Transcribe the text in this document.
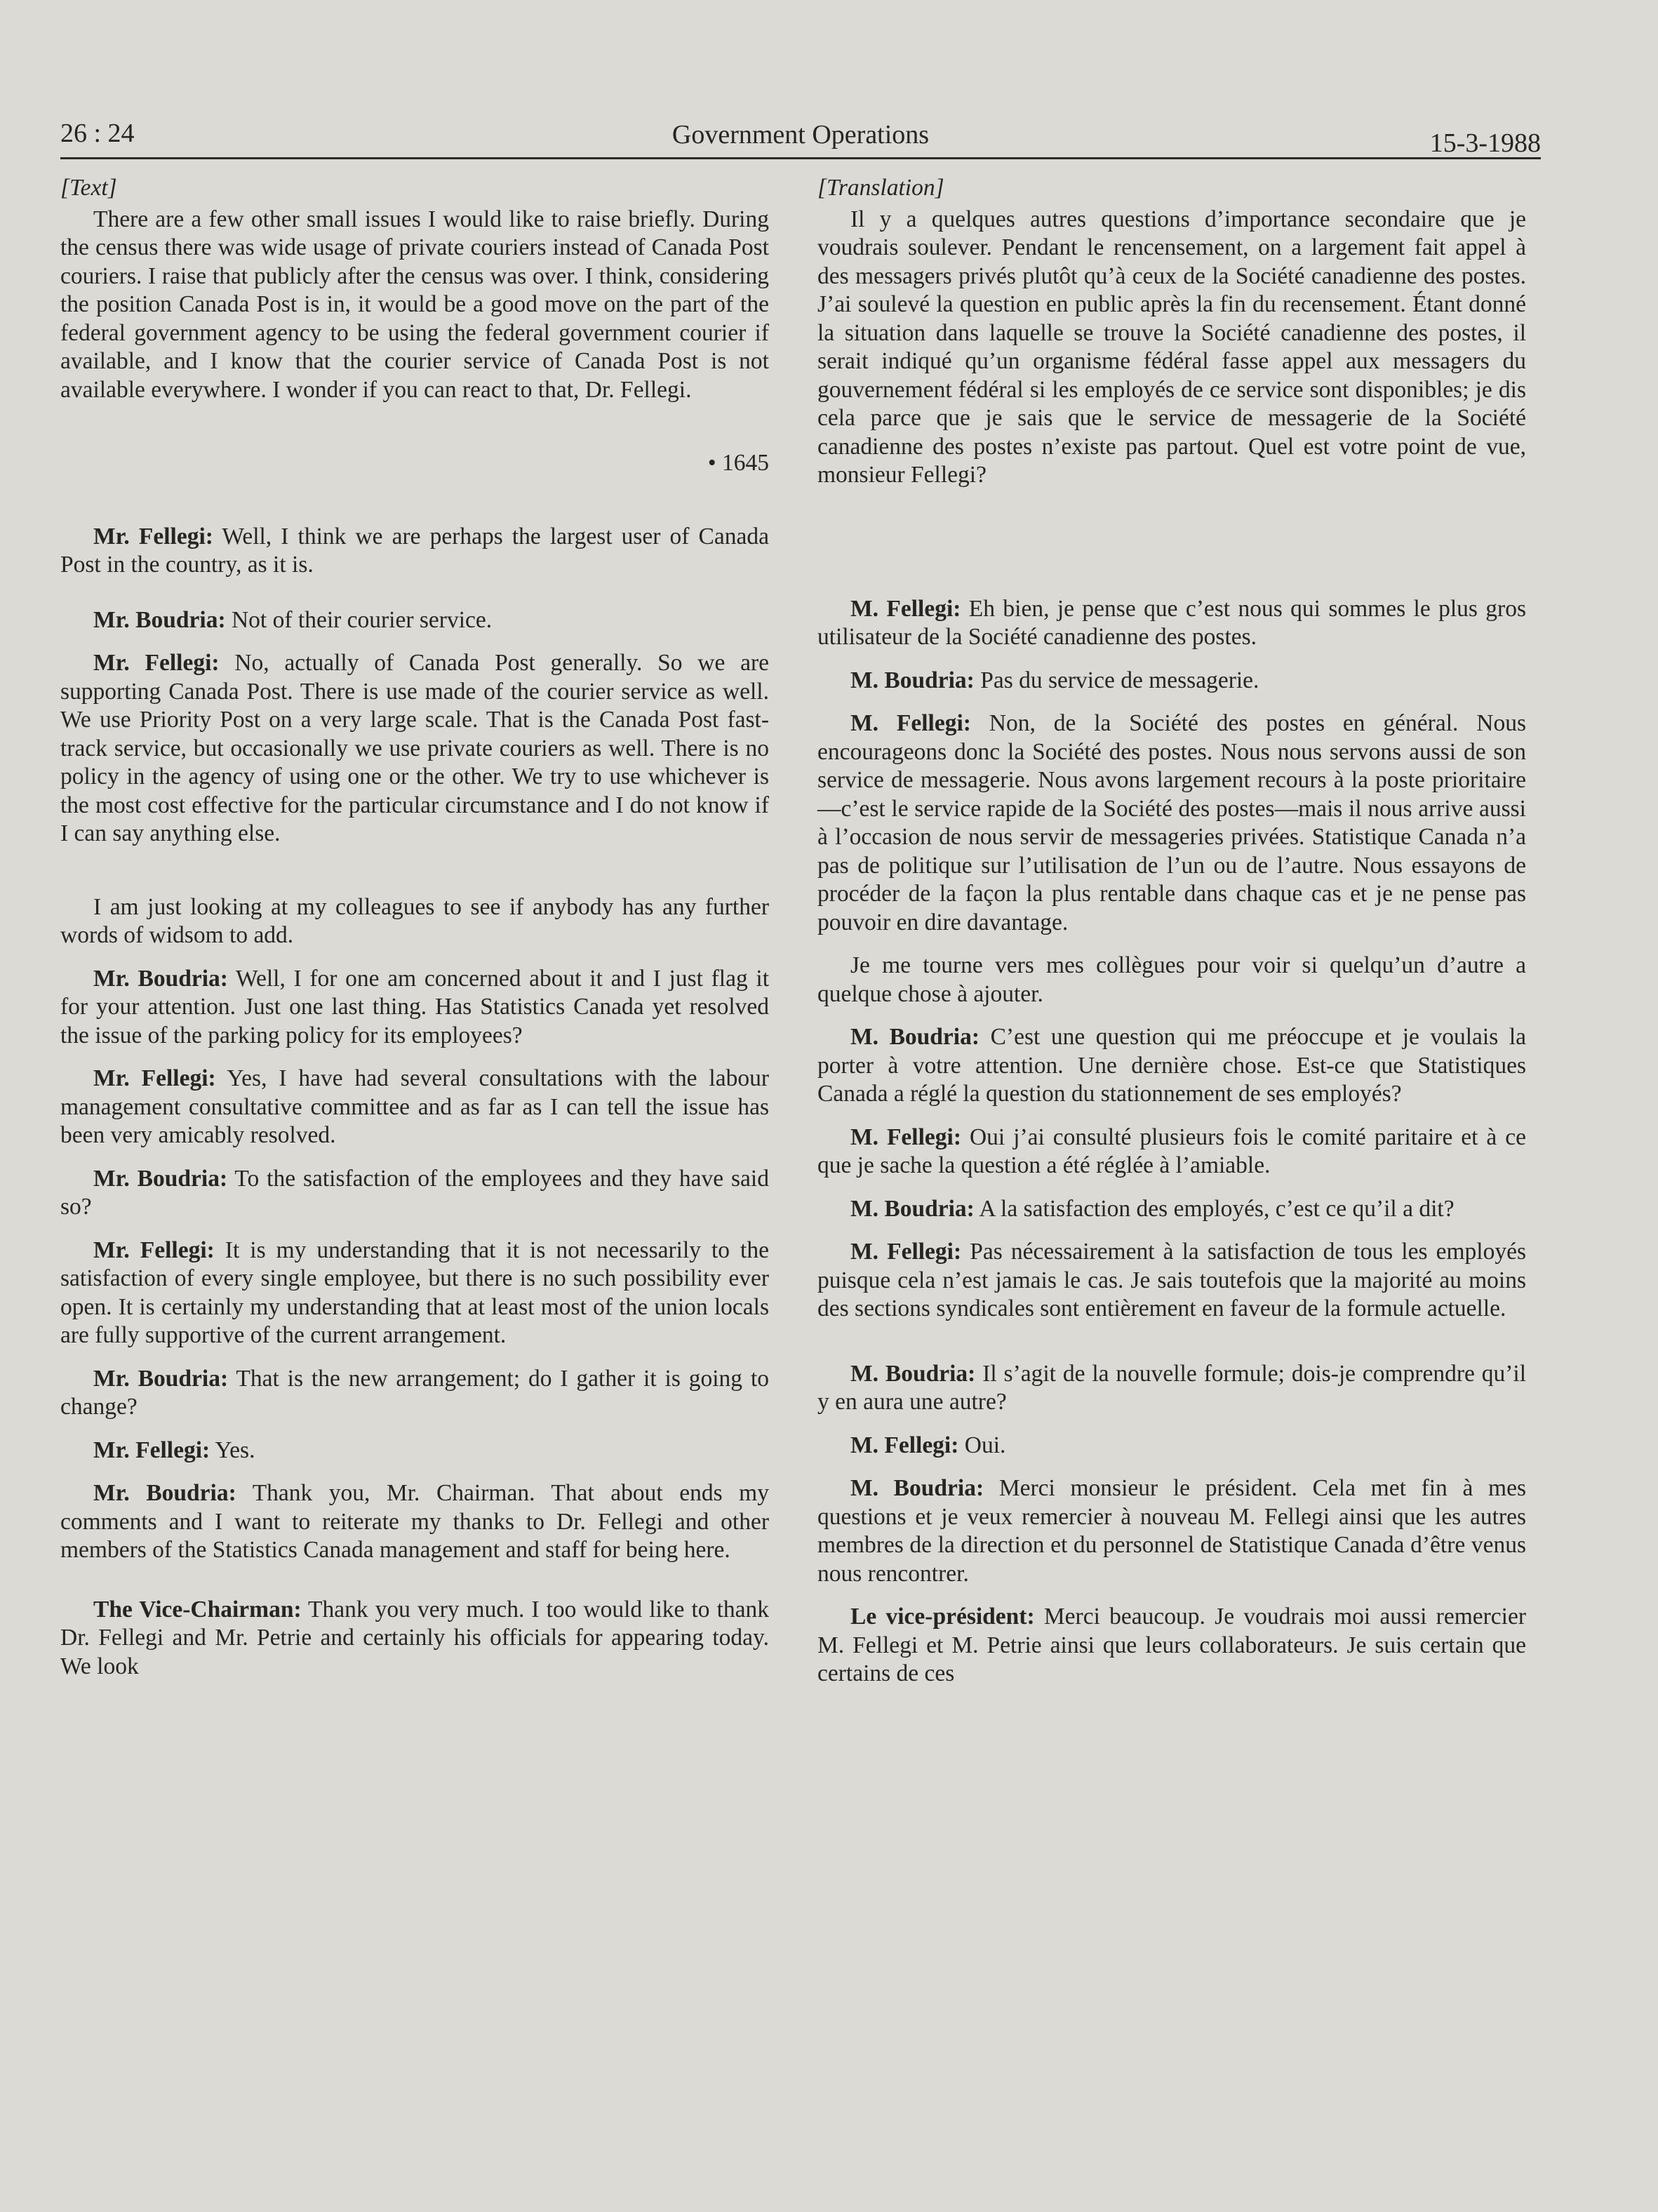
26 : 24	Government Operations	15-3-1988

[Text]

There are a few other small issues I would like to raise briefly. During the census there was wide usage of private couriers instead of Canada Post couriers. I raise that publicly after the census was over. I think, considering the position Canada Post is in, it would be a good move on the part of the federal government agency to be using the federal government courier if available, and I know that the courier service of Canada Post is not available everywhere. I wonder if you can react to that, Dr. Fellegi.

• 1645

Mr. Fellegi: Well, I think we are perhaps the largest user of Canada Post in the country, as it is.

Mr. Boudria: Not of their courier service.

Mr. Fellegi: No, actually of Canada Post generally. So we are supporting Canada Post. There is use made of the courier service as well. We use Priority Post on a very large scale. That is the Canada Post fast-track service, but occasionally we use private couriers as well. There is no policy in the agency of using one or the other. We try to use whichever is the most cost effective for the particular circumstance and I do not know if I can say anything else.

I am just looking at my colleagues to see if anybody has any further words of widsom to add.

Mr. Boudria: Well, I for one am concerned about it and I just flag it for your attention. Just one last thing. Has Statistics Canada yet resolved the issue of the parking policy for its employees?

Mr. Fellegi: Yes, I have had several consultations with the labour management consultative committee and as far as I can tell the issue has been very amicably resolved.

Mr. Boudria: To the satisfaction of the employees and they have said so?

Mr. Fellegi: It is my understanding that it is not necessarily to the satisfaction of every single employee, but there is no such possibility ever open. It is certainly my understanding that at least most of the union locals are fully supportive of the current arrangement.

Mr. Boudria: That is the new arrangement; do I gather it is going to change?

Mr. Fellegi: Yes.

Mr. Boudria: Thank you, Mr. Chairman. That about ends my comments and I want to reiterate my thanks to Dr. Fellegi and other members of the Statistics Canada management and staff for being here.

The Vice-Chairman: Thank you very much. I too would like to thank Dr. Fellegi and Mr. Petrie and certainly his officials for appearing today. We look

[Translation]

Il y a quelques autres questions d’importance secondaire que je voudrais soulever. Pendant le rencensement, on a largement fait appel à des messagers privés plutôt qu’à ceux de la Société canadienne des postes. J’ai soulevé la question en public après la fin du recensement. Étant donné la situation dans laquelle se trouve la Société canadienne des postes, il serait indiqué qu’un organisme fédéral fasse appel aux messagers du gouvernement fédéral si les employés de ce service sont disponibles; je dis cela parce que je sais que le service de messagerie de la Société canadienne des postes n’existe pas partout. Quel est votre point de vue, monsieur Fellegi?

M. Fellegi: Eh bien, je pense que c’est nous qui sommes le plus gros utilisateur de la Société canadienne des postes.

M. Boudria: Pas du service de messagerie.

M. Fellegi: Non, de la Société des postes en général. Nous encourageons donc la Société des postes. Nous nous servons aussi de son service de messagerie. Nous avons largement recours à la poste prioritaire—c’est le service rapide de la Société des postes—mais il nous arrive aussi à l’occasion de nous servir de messageries privées. Statistique Canada n’a pas de politique sur l’utilisation de l’un ou de l’autre. Nous essayons de procéder de la façon la plus rentable dans chaque cas et je ne pense pas pouvoir en dire davantage.

Je me tourne vers mes collègues pour voir si quelqu’un d’autre a quelque chose à ajouter.

M. Boudria: C’est une question qui me préoccupe et je voulais la porter à votre attention. Une dernière chose. Est-ce que Statistiques Canada a réglé la question du stationnement de ses employés?

M. Fellegi: Oui j’ai consulté plusieurs fois le comité paritaire et à ce que je sache la question a été réglée à l’amiable.

M. Boudria: A la satisfaction des employés, c’est ce qu’il a dit?

M. Fellegi: Pas nécessairement à la satisfaction de tous les employés puisque cela n’est jamais le cas. Je sais toutefois que la majorité au moins des sections syndicales sont entièrement en faveur de la formule actuelle.

M. Boudria: Il s’agit de la nouvelle formule; dois-je comprendre qu’il y en aura une autre?

M. Fellegi: Oui.

M. Boudria: Merci monsieur le président. Cela met fin à mes questions et je veux remercier à nouveau M. Fellegi ainsi que les autres membres de la direction et du personnel de Statistique Canada d’être venus nous rencontrer.

Le vice-président: Merci beaucoup. Je voudrais moi aussi remercier M. Fellegi et M. Petrie ainsi que leurs collaborateurs. Je suis certain que certains de ces
